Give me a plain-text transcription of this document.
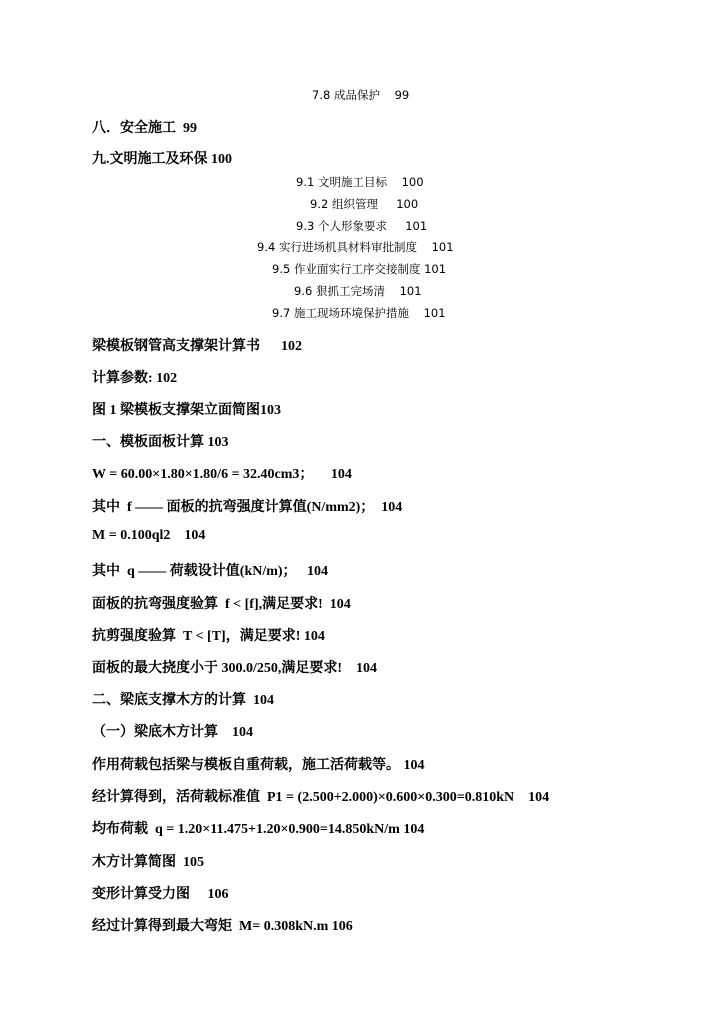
7.8 成品保护    99
八．安全施工  99
九.文明施工及环保 100
9.1 文明施工目标    100
9.2 组织管理     100
9.3 个人形象要求     101
9.4 实行进场机具材料审批制度    101
9.5 作业面实行工序交接制度 101
9.6 狠抓工完场清    101
9.7 施工现场环境保护措施    101
梁模板钢管高支撑架计算书      102
计算参数: 102
图 1 梁模板支撑架立面简图103
一、模板面板计算 103
W = 60.00×1.80×1.80/6 = 32.40cm3；     104
其中  f —— 面板的抗弯强度计算值(N/mm2)；  104
M = 0.100ql2    104
其中  q —— 荷载设计值(kN/m)；   104
面板的抗弯强度验算  f < [f],满足要求!  104
抗剪强度验算  T < [T]，满足要求! 104
面板的最大挠度小于 300.0/250,满足要求!    104
二、梁底支撑木方的计算  104
（一）梁底木方计算    104
作用荷载包括梁与模板自重荷载，施工活荷载等。 104
经计算得到，活荷载标准值  P1 = (2.500+2.000)×0.600×0.300=0.810kN    104
均布荷载  q = 1.20×11.475+1.20×0.900=14.850kN/m 104
木方计算简图  105
变形计算受力图     106
经过计算得到最大弯矩  M= 0.308kN.m 106
